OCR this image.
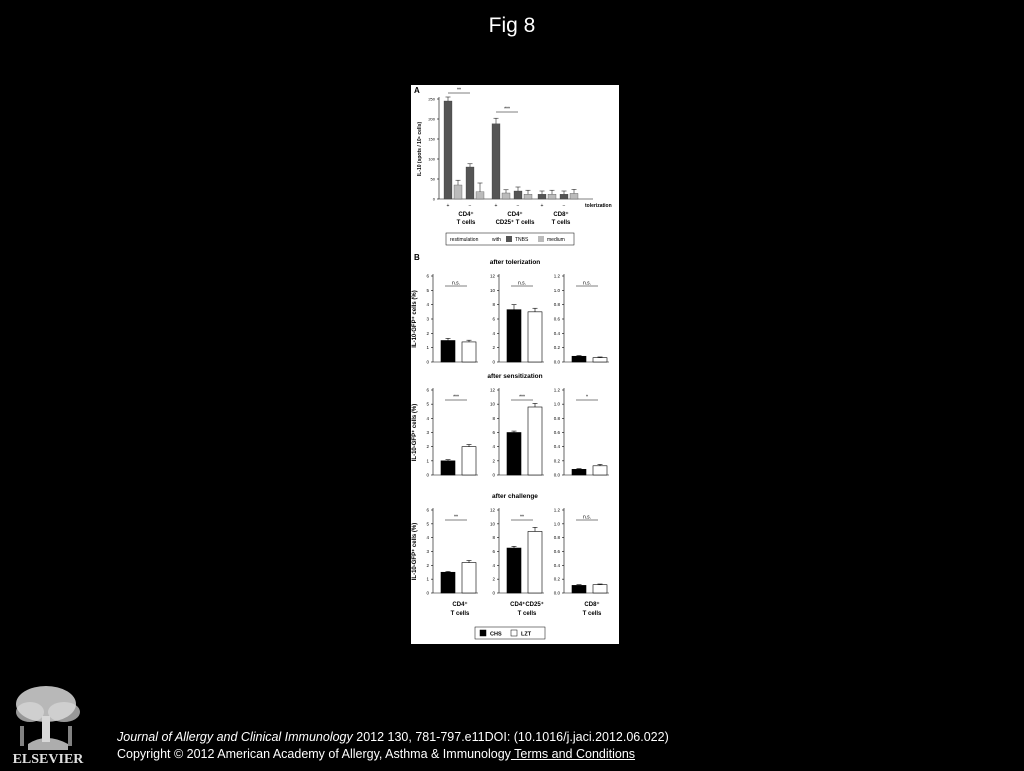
Fig 8
A
0
50
100
150
200
250
IL-10 (spots / 10⁶ cells)
**
***
+	−	+	−	+	−	tolerization
CD4⁺
T cells
CD4⁺
CD25⁺ T cells
CD8⁺
T cells
restimulation	with	TNBS	medium
B
after tolerization
IL-10-GFP⁺ cells (%)
0
1
2
3
4
5
6
n.s.
0
2
4
6
8
10
12
n.s.
0.0
0.2
0.4
0.6
0.8
1.0
1.2
n.s.
after sensitization
IL-10-GFP⁺ cells (%)
0
1
2
3
4
5
6
***
0
2
4
6
8
10
12
***
0.0
0.2
0.4
0.6
0.8
1.0
1.2
*
after challenge
IL-10-GFP⁺ cells (%)
0
1
2
3
4
5
6
**
0
2
4
6
8
10
12
**
0.0
0.2
0.4
0.6
0.8
1.0
1.2
n.s.
CD4⁺
T cells
CD4⁺CD25⁺
T cells
CD8⁺
T cells
CHS	LZT
ELSEVIER
Journal of Allergy and Clinical Immunology 2012 130, 781-797.e11DOI: (10.1016/j.jaci.2012.06.022)
Copyright © 2012 American Academy of Allergy, Asthma & Immunology Terms and Conditions
